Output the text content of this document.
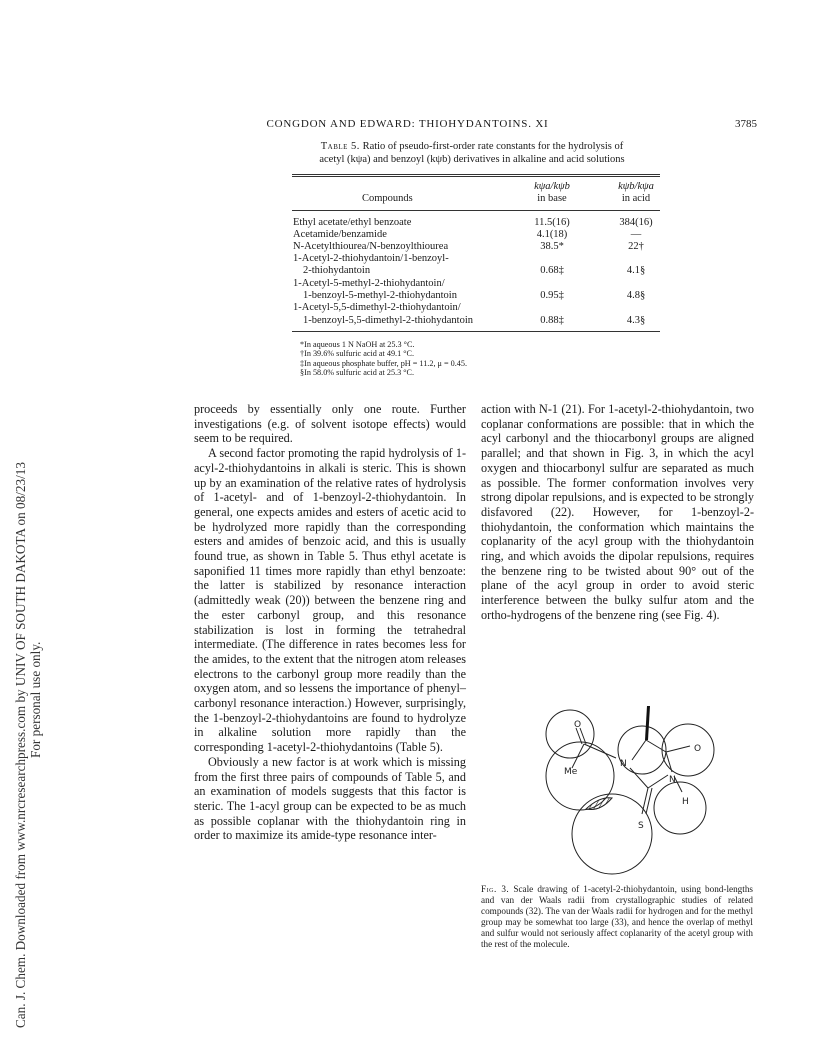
CONGDON AND EDWARD: THIOHYDANTOINS. XI	3785
Can. J. Chem. Downloaded from www.nrcresearchpress.com by UNIV OF SOUTH DAKOTA on 08/23/13 For personal use only.
Table 5. Ratio of pseudo-first-order rate constants for the hydrolysis of
acetyl (kψa) and benzoyl (kψb) derivatives in alkaline and acid solutions
Compounds
kψa/kψb
in base
kψb/kψa
in acid
Ethyl acetate/ethyl benzoate	11.5(16)	384(16)
Acetamide/benzamide	4.1(18)	—
N-Acetylthiourea/N-benzoylthiourea	38.5*	22†
1-Acetyl-2-thiohydantoin/1-benzoyl-
2-thiohydantoin	0.68‡	4.1§
1-Acetyl-5-methyl-2-thiohydantoin/
1-benzoyl-5-methyl-2-thiohydantoin	0.95‡	4.8§
1-Acetyl-5,5-dimethyl-2-thiohydantoin/
1-benzoyl-5,5-dimethyl-2-thiohydantoin	0.88‡	4.3§
*In aqueous 1 N NaOH at 25.3 °C.
†In 39.6% sulfuric acid at 49.1 °C.
‡In aqueous phosphate buffer, pH = 11.2, μ = 0.45.
§In 58.0% sulfuric acid at 25.3 °C.

proceeds by essentially only one route. Further investigations (e.g. of solvent isotope effects) would seem to be required.

A second factor promoting the rapid hydrolysis of 1-acyl-2-thiohydantoins in alkali is steric. This is shown up by an examination of the relative rates of hydrolysis of 1-acetyl- and of 1-benzoyl-2-thiohydantoin. In general, one expects amides and esters of acetic acid to be hydrolyzed more rapidly than the corresponding esters and amides of benzoic acid, and this is usually found true, as shown in Table 5. Thus ethyl acetate is saponified 11 times more rapidly than ethyl benzoate: the latter is stabilized by resonance interaction (admittedly weak (20)) between the benzene ring and the ester carbonyl group, and this resonance stabilization is lost in forming the tetrahedral intermediate. (The difference in rates becomes less for the amides, to the extent that the nitrogen atom releases electrons to the carbonyl group more readily than the oxygen atom, and so lessens the importance of phenyl–carbonyl resonance interaction.) However, surprisingly, the 1-benzoyl-2-thiohydantoins are found to hydrolyze in alkaline solution more rapidly than the corresponding 1-acetyl-2-thiohydantoins (Table 5).

Obviously a new factor is at work which is missing from the first three pairs of compounds of Table 5, and an examination of models suggests that this factor is steric. The 1-acyl group can be expected to be as much as possible coplanar with the thiohydantoin ring in order to maximize its amide-type resonance inter-

action with N-1 (21). For 1-acetyl-2-thiohydantoin, two coplanar conformations are possible: that in which the acyl carbonyl and the thiocarbonyl groups are aligned parallel; and that shown in Fig. 3, in which the acyl oxygen and thiocarbonyl sulfur are separated as much as possible. The former conformation involves very strong dipolar repulsions, and is expected to be strongly disfavored (22). However, for 1-benzoyl-2-thiohydantoin, the conformation which maintains the coplanarity of the acyl group with the thiohydantoin ring, and which avoids the dipolar repulsions, requires the benzene ring to be twisted about 90° out of the plane of the acyl group in order to avoid steric interference between the bulky sulfur atom and the ortho-hydrogens of the benzene ring (see Fig. 4).

O
N
O
Me
N
H
S
Fig. 3. Scale drawing of 1-acetyl-2-thiohydantoin, using bond-lengths and van der Waals radii from crystallographic studies of related compounds (32). The van der Waals radii for hydrogen and for the methyl group may be somewhat too large (33), and hence the overlap of methyl and sulfur would not seriously affect coplanarity of the acetyl group with the rest of the molecule.
